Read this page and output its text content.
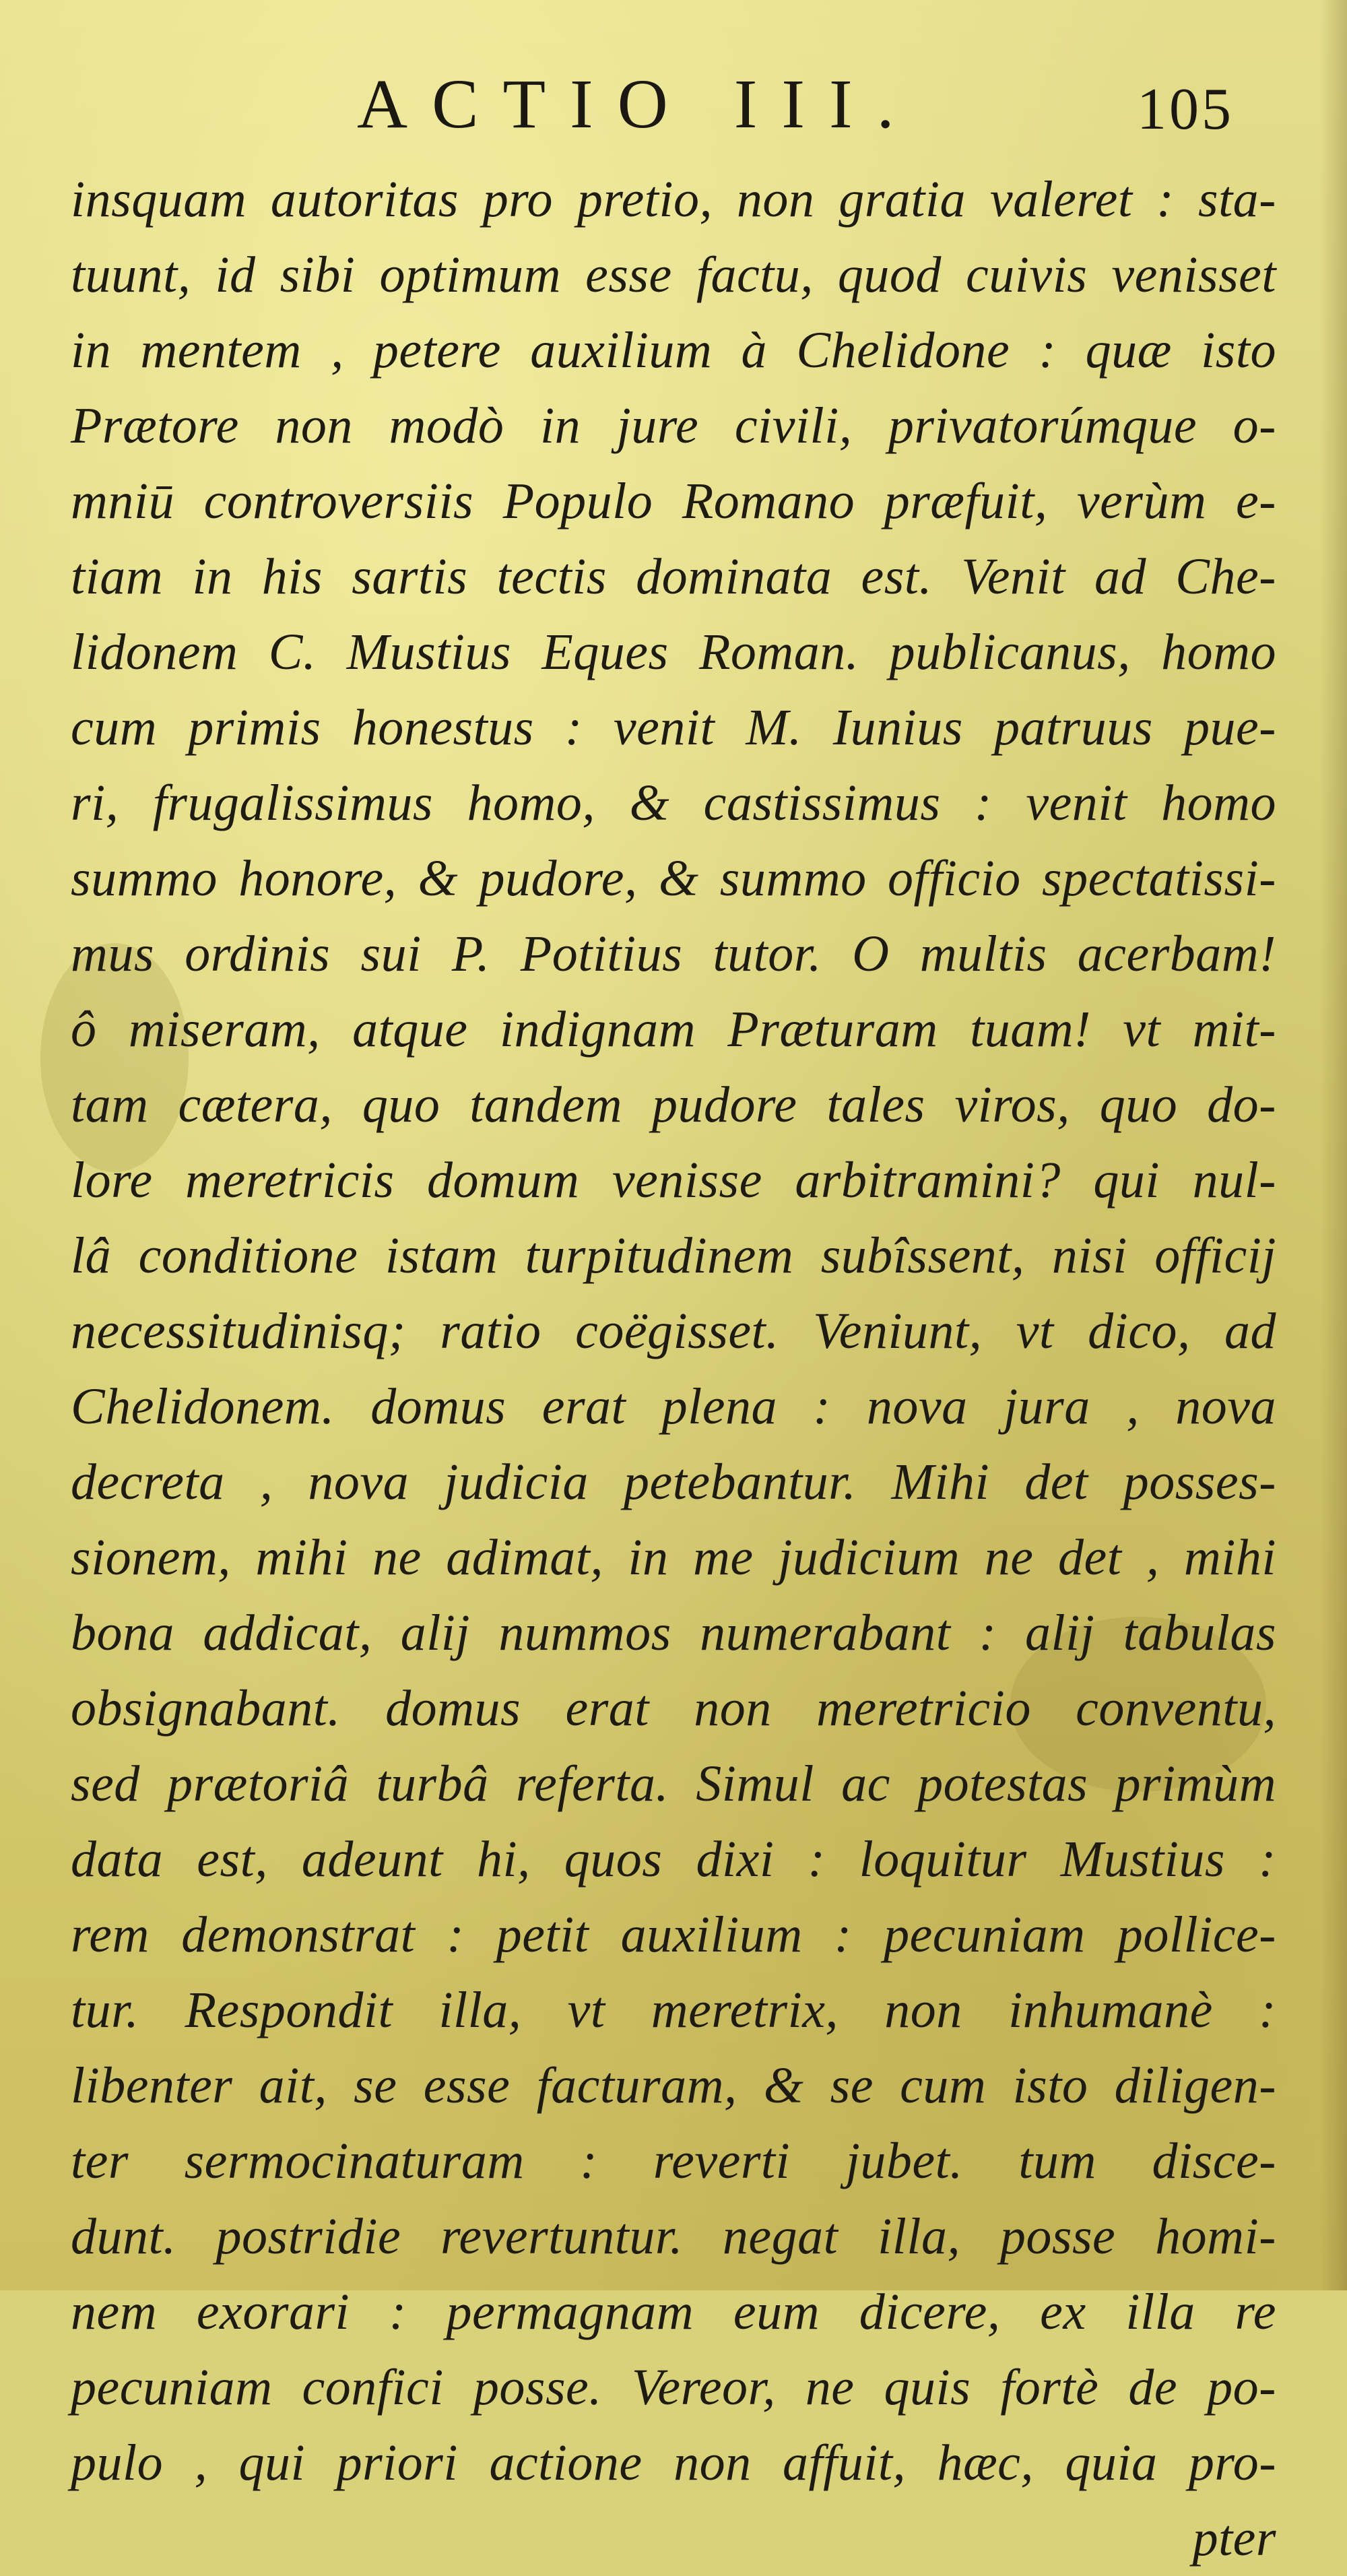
ACTIO III.	105
insquam autoritas pro pretio, non gratia valeret : sta-
tuunt, id sibi optimum esse factu, quod cuivis venisset
in mentem , petere auxilium à Chelidone : quæ isto
Prætore non modò in jure civili, privatorúmque o-
mniū controversiis Populo Romano præfuit, verùm e-
tiam in his sartis tectis dominata est. Venit ad Che-
lidonem C. Mustius Eques Roman. publicanus, homo
cum primis honestus : venit M. Iunius patruus pue-
ri, frugalissimus homo, & castissimus : venit homo
summo honore, & pudore, & summo officio spectatissi-
mus ordinis sui P. Potitius tutor. O multis acerbam!
ô miseram, atque indignam Præturam tuam! vt mit-
tam cætera, quo tandem pudore tales viros, quo do-
lore meretricis domum venisse arbitramini? qui nul-
lâ conditione istam turpitudinem subîssent, nisi officij
necessitudinisq; ratio coëgisset. Veniunt, vt dico, ad
Chelidonem. domus erat plena : nova jura , nova
decreta , nova judicia petebantur. Mihi det posses-
sionem, mihi ne adimat, in me judicium ne det , mihi
bona addicat, alij nummos numerabant : alij tabulas
obsignabant. domus erat non meretricio conventu,
sed prætoriâ turbâ referta. Simul ac potestas primùm
data est, adeunt hi, quos dixi : loquitur Mustius :
rem demonstrat : petit auxilium : pecuniam pollice-
tur. Respondit illa, vt meretrix, non inhumanè :
libenter ait, se esse facturam, & se cum isto diligen-
ter sermocinaturam : reverti jubet. tum disce-
dunt. postridie revertuntur. negat illa, posse homi-
nem exorari : permagnam eum dicere, ex illa re
pecuniam confici posse. Vereor, ne quis fortè de po-
pulo , qui priori actione non affuit, hæc, quia pro-
pter
